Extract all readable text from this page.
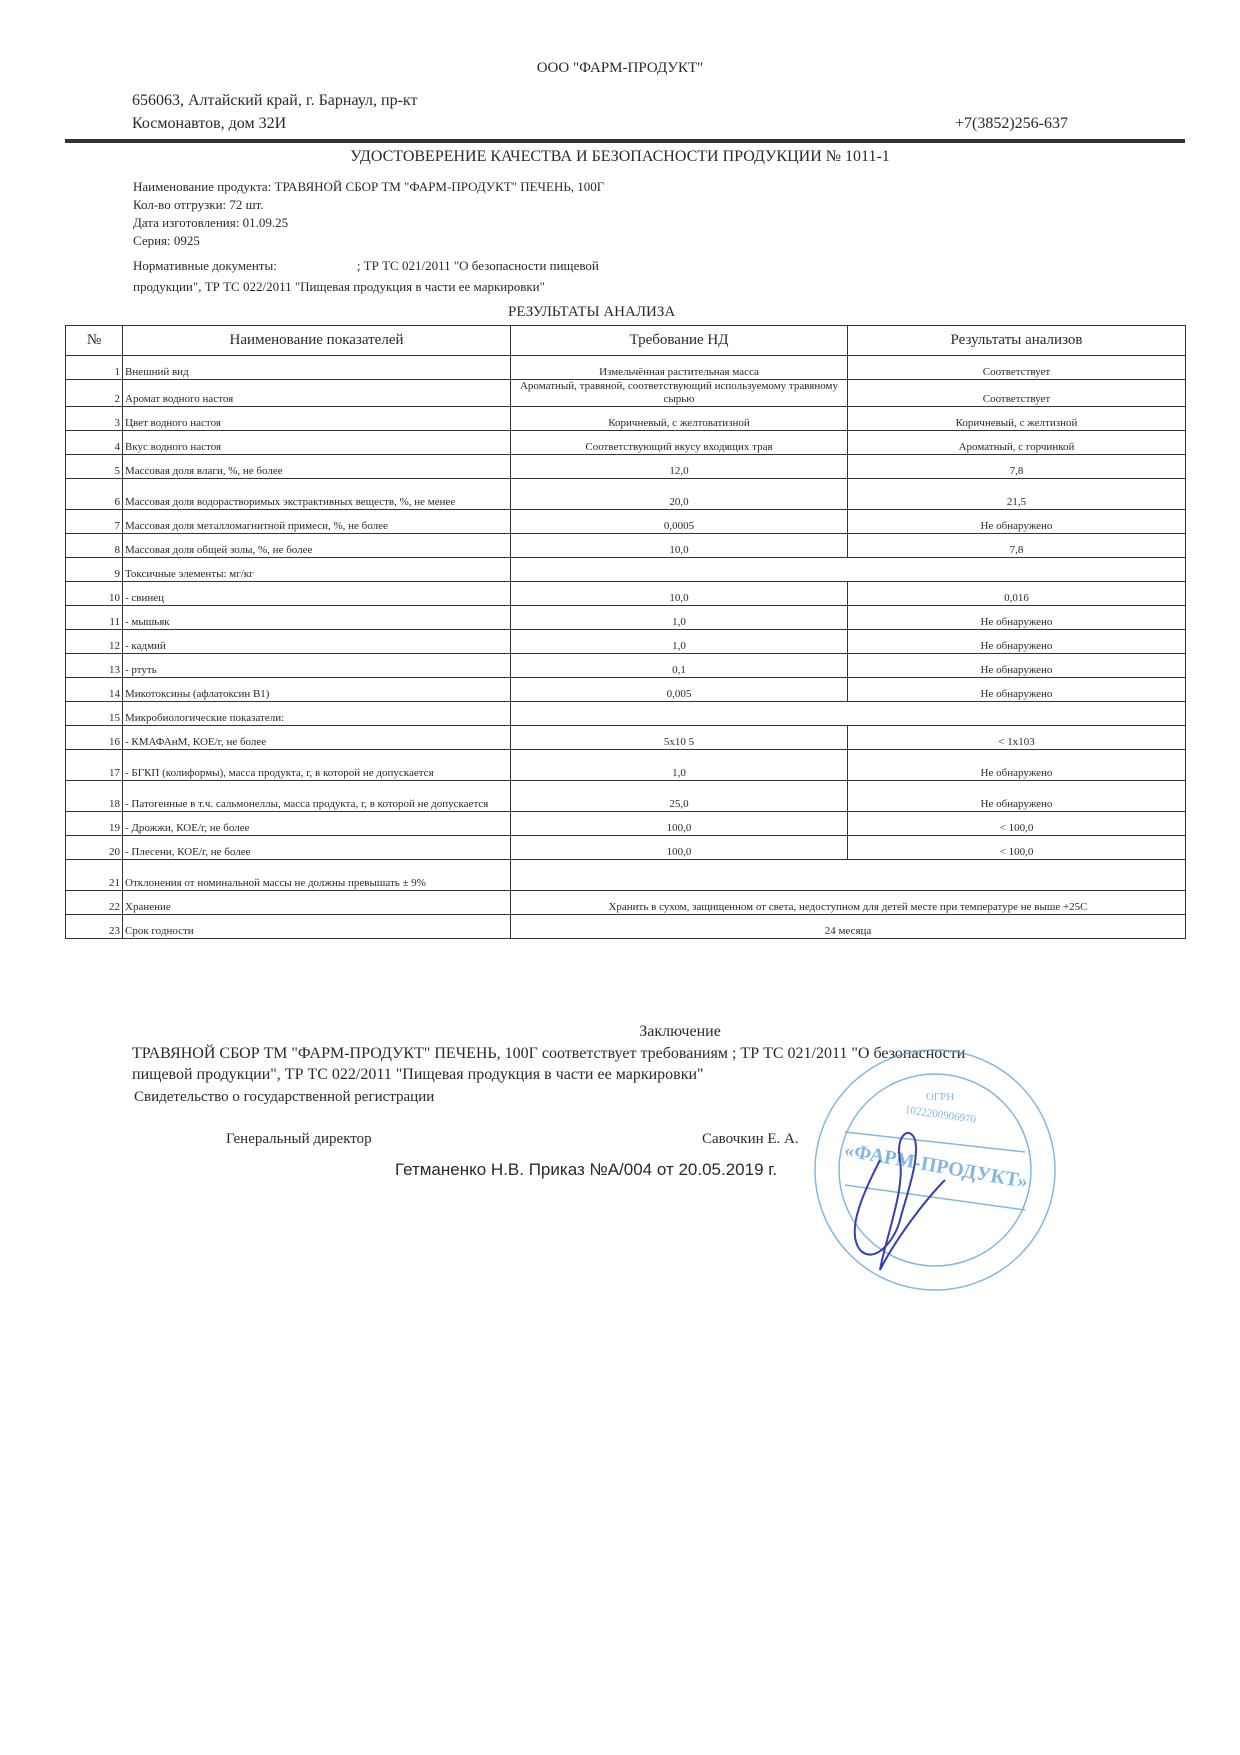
ООО "ФАРМ-ПРОДУКТ"
656063, Алтайский край, г. Барнаул, пр-кт
Космонавтов, дом 32И	+7(3852)256-637
УДОСТОВЕРЕНИЕ КАЧЕСТВА И БЕЗОПАСНОСТИ ПРОДУКЦИИ № 1011-1
Наименование продукта: ТРАВЯНОЙ СБОР ТМ "ФАРМ-ПРОДУКТ" ПЕЧЕНЬ, 100Г
Кол-во отгрузки: 72 шт.
Дата изготовления: 01.09.25
Серия: 0925
Нормативные документы:	; ТР ТС 021/2011 "О безопасности пищевой
продукции", ТР ТС 022/2011 "Пищевая продукция в части ее маркировки"
РЕЗУЛЬТАТЫ АНАЛИЗА
№	Наименование показателей	Требование НД	Результаты анализов
1	Внешний вид	Измельчённая растительная масса	Соответствует
2	Аромат водного настоя	Ароматный, травяной, соответствующий используемому травяному сырью	Соответствует
3	Цвет водного настоя	Коричневый, с желтоватизной	Коричневый, с желтизной
4	Вкус водного настоя	Соответствующий вкусу входящих трав	Ароматный, с горчинкой
5	Массовая доля влаги, %, не более	12,0	7,8
6	Массовая доля водорастворимых экстрактивных веществ, %, не менее	20,0	21,5
7	Массовая доля металломагнитной примеси, %, не более	0,0005	Не обнаружено
8	Массовая доля общей золы, %, не более	10,0	7,8
9	Токсичные элементы: мг/кг		
10	- свинец	10,0	0,016
11	- мышьяк	1,0	Не обнаружено
12	- кадмий	1,0	Не обнаружено
13	- ртуть	0,1	Не обнаружено
14	Микотоксины (афлатоксин В1)	0,005	Не обнаружено
15	Микробиологические показатели:		
16	- КМАФАнМ, КОЕ/г, не более	5x10 5	< 1x103
17	- БГКП (колиформы), масса продукта, г, в которой не допускается	1,0	Не обнаружено
18	- Патогенные в т.ч. сальмонеллы, масса продукта, г, в которой не допускается	25,0	Не обнаружено
19	- Дрожжи, КОЕ/г, не более	100,0	< 100,0
20	- Плесени, КОЕ/г, не более	100,0	< 100,0
21	Отклонения от номинальной массы не должны превышать ± 9%		
22	Хранение	Хранить в сухом, защищенном от света, недоступном для детей месте при температуре не выше +25С	
23	Срок годности	24 месяца	
Заключение
ТРАВЯНОЙ СБОР ТМ "ФАРМ-ПРОДУКТ" ПЕЧЕНЬ, 100Г соответствует требованиям ; ТР ТС 021/2011 "О безопасности пищевой продукции", ТР ТС 022/2011 "Пищевая продукция в части ее маркировки"
Свидетельство о государственной регистрации
Генеральный директор	Савочкин Е. А.
Гетманенко Н.В. Приказ №А/004 от 20.05.2019 г.
ОГРН
1022200906970
«ФАРМ-ПРОДУКТ»
